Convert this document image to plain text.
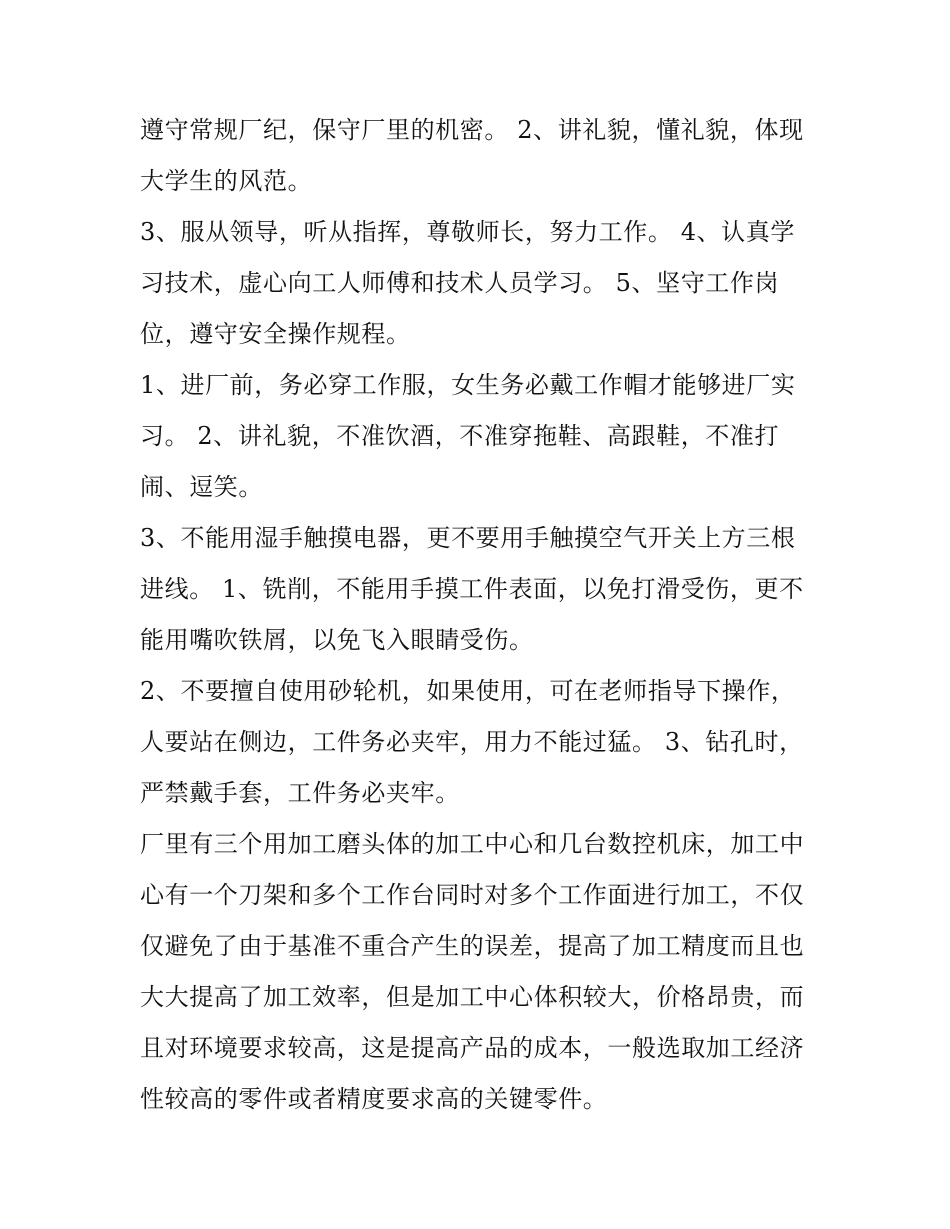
遵守常规厂纪，保守厂里的机密。 2、讲礼貌，懂礼貌，体现
大学生的风范。
3、服从领导，听从指挥，尊敬师长，努力工作。 4、认真学
习技术，虚心向工人师傅和技术人员学习。 5、坚守工作岗
位，遵守安全操作规程。
1、进厂前，务必穿工作服，女生务必戴工作帽才能够进厂实
习。 2、讲礼貌，不准饮酒，不准穿拖鞋、高跟鞋，不准打
闹、逗笑。
3、不能用湿手触摸电器，更不要用手触摸空气开关上方三根
进线。 1、铣削，不能用手摸工件表面，以免打滑受伤，更不
能用嘴吹铁屑，以免飞入眼睛受伤。
2、不要擅自使用砂轮机，如果使用，可在老师指导下操作，
人要站在侧边，工件务必夹牢，用力不能过猛。 3、钻孔时，
严禁戴手套，工件务必夹牢。
厂里有三个用加工磨头体的加工中心和几台数控机床，加工中
心有一个刀架和多个工作台同时对多个工作面进行加工，不仅
仅避免了由于基准不重合产生的误差，提高了加工精度而且也
大大提高了加工效率，但是加工中心体积较大，价格昂贵，而
且对环境要求较高，这是提高产品的成本，一般选取加工经济
性较高的零件或者精度要求高的关键零件。
